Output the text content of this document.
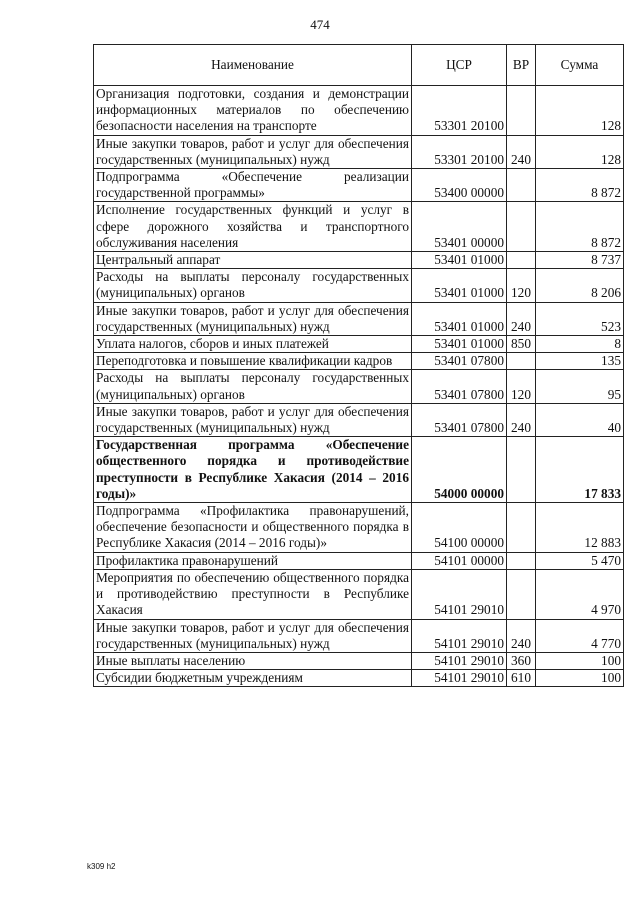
474
Наименование	ЦСР	ВР	Сумма
Организация подготовки, создания и демонстрации информационных материалов по обеспечению безопасности населения на транспорте	53301 20100		128
Иные закупки товаров, работ и услуг для обеспечения государственных (муниципальных) нужд	53301 20100	240	128
Подпрограмма «Обеспечение реализации государственной программы»	53400 00000		8 872
Исполнение государственных функций и услуг в сфере дорожного хозяйства и транспортного обслуживания населения	53401 00000		8 872
Центральный аппарат	53401 01000		8 737
Расходы на выплаты персоналу государственных (муниципальных) органов	53401 01000	120	8 206
Иные закупки товаров, работ и услуг для обеспечения государственных (муниципальных) нужд	53401 01000	240	523
Уплата налогов, сборов и иных платежей	53401 01000	850	8
Переподготовка и повышение квалификации кадров	53401 07800		135
Расходы на выплаты персоналу государственных (муниципальных) органов	53401 07800	120	95
Иные закупки товаров, работ и услуг для обеспечения государственных (муниципальных) нужд	53401 07800	240	40
Государственная программа «Обеспечение общественного порядка и противодействие преступности в Республике Хакасия (2014 – 2016 годы)»	54000 00000		17 833
Подпрограмма «Профилактика правонарушений, обеспечение безопасности и общественного порядка в Республике Хакасия (2014 – 2016 годы)»	54100 00000		12 883
Профилактика правонарушений	54101 00000		5 470
Мероприятия по обеспечению общественного порядка и противодействию преступности в Республике Хакасия	54101 29010		4 970
Иные закупки товаров, работ и услуг для обеспечения государственных (муниципальных) нужд	54101 29010	240	4 770
Иные выплаты населению	54101 29010	360	100
Субсидии бюджетным учреждениям	54101 29010	610	100
k309 h2
